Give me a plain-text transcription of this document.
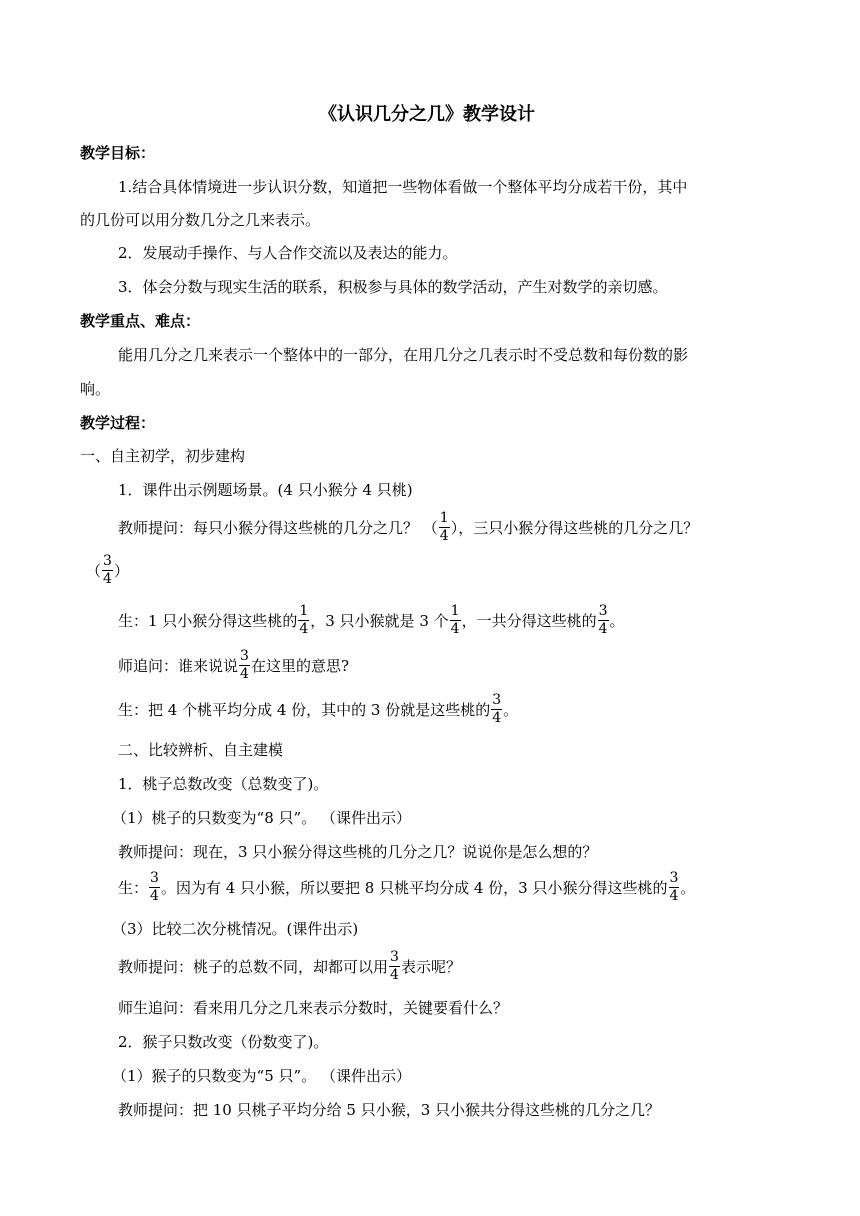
《认识几分之几》教学设计
教学目标：
1.结合具体情境进一步认识分数，知道把一些物体看做一个整体平均分成若干份，其中
的几份可以用分数几分之几来表示。
2．发展动手操作、与人合作交流以及表达的能力。
3．体会分数与现实生活的联系，积极参与具体的数学活动，产生对数学的亲切感。
教学重点、难点：
能用几分之几来表示一个整体中的一部分，在用几分之几表示时不受总数和每份数的影
响。
教学过程：
一、自主初学，初步建构
1．课件出示例题场景。(4 只小猴分 4 只桃)
教师提问：每只小猴分得这些桃的几分之几？ （ $\frac{1}{4}$ ），三只小猴分得这些桃的几分之几？
（ $\frac{3}{4}$ ）
生：1 只小猴分得这些桃的 $\frac{1}{4}$ ，3 只小猴就是 3 个 $\frac{1}{4}$ ，一共分得这些桃的 $\frac{3}{4}$ 。
师追问：谁来说说 $\frac{3}{4}$ 在这里的意思?
生：把 4 个桃平均分成 4 份，其中的 3 份就是这些桃的 $\frac{3}{4}$ 。
二、比较辨析、自主建模
1．桃子总数改变（总数变了)。
（1）桃子的只数变为“8 只”。 （课件出示）
教师提问：现在，3 只小猴分得这些桃的几分之几？说说你是怎么想的？
生： $\frac{3}{4}$ 。因为有 4 只小猴，所以要把 8 只桃平均分成 4 份，3 只小猴分得这些桃的 $\frac{3}{4}$ 。
（3）比较二次分桃情况。(课件出示)
教师提问：桃子的总数不同，却都可以用 $\frac{3}{4}$ 表示呢？
师生追问：看来用几分之几来表示分数时，关键要看什么？
2．猴子只数改变（份数变了)。
（1）猴子的只数变为“5 只”。 （课件出示）
教师提问：把 10 只桃子平均分给 5 只小猴，3 只小猴共分得这些桃的几分之几？
